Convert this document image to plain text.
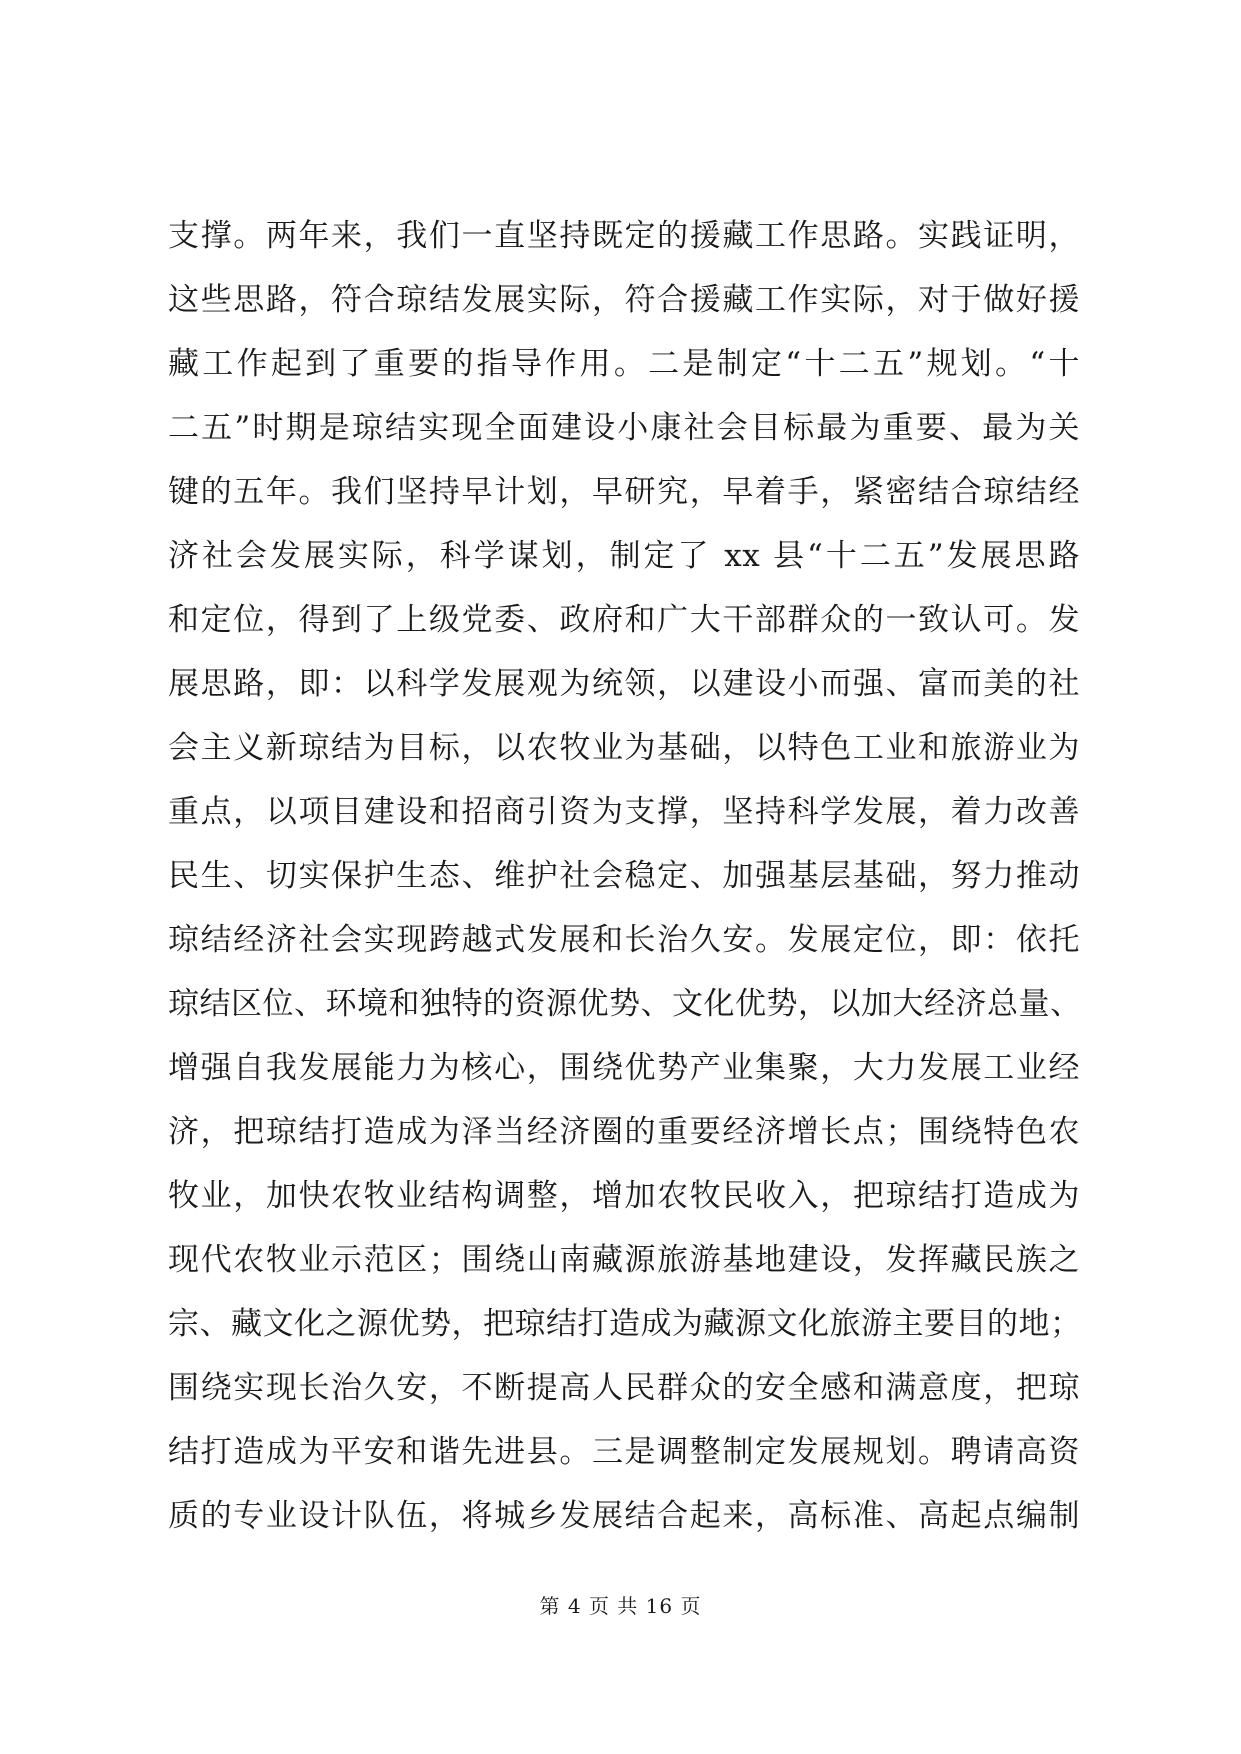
支撑。两年来，我们一直坚持既定的援藏工作思路。实践证明，
这些思路，符合琼结发展实际，符合援藏工作实际，对于做好援
藏工作起到了重要的指导作用。二是制定“十二五”规划。“十
二五”时期是琼结实现全面建设小康社会目标最为重要、最为关
键的五年。我们坚持早计划，早研究，早着手，紧密结合琼结经
济社会发展实际，科学谋划，制定了 xx 县“十二五”发展思路
和定位，得到了上级党委、政府和广大干部群众的一致认可。发
展思路，即：以科学发展观为统领，以建设小而强、富而美的社
会主义新琼结为目标，以农牧业为基础，以特色工业和旅游业为
重点，以项目建设和招商引资为支撑，坚持科学发展，着力改善
民生、切实保护生态、维护社会稳定、加强基层基础，努力推动
琼结经济社会实现跨越式发展和长治久安。发展定位，即：依托
琼结区位、环境和独特的资源优势、文化优势，以加大经济总量、
增强自我发展能力为核心，围绕优势产业集聚，大力发展工业经
济，把琼结打造成为泽当经济圈的重要经济增长点；围绕特色农
牧业，加快农牧业结构调整，增加农牧民收入，把琼结打造成为
现代农牧业示范区；围绕山南藏源旅游基地建设，发挥藏民族之
宗、藏文化之源优势，把琼结打造成为藏源文化旅游主要目的地；
围绕实现长治久安，不断提高人民群众的安全感和满意度，把琼
结打造成为平安和谐先进县。三是调整制定发展规划。聘请高资
质的专业设计队伍，将城乡发展结合起来，高标准、高起点编制
第 4 页 共 16 页
